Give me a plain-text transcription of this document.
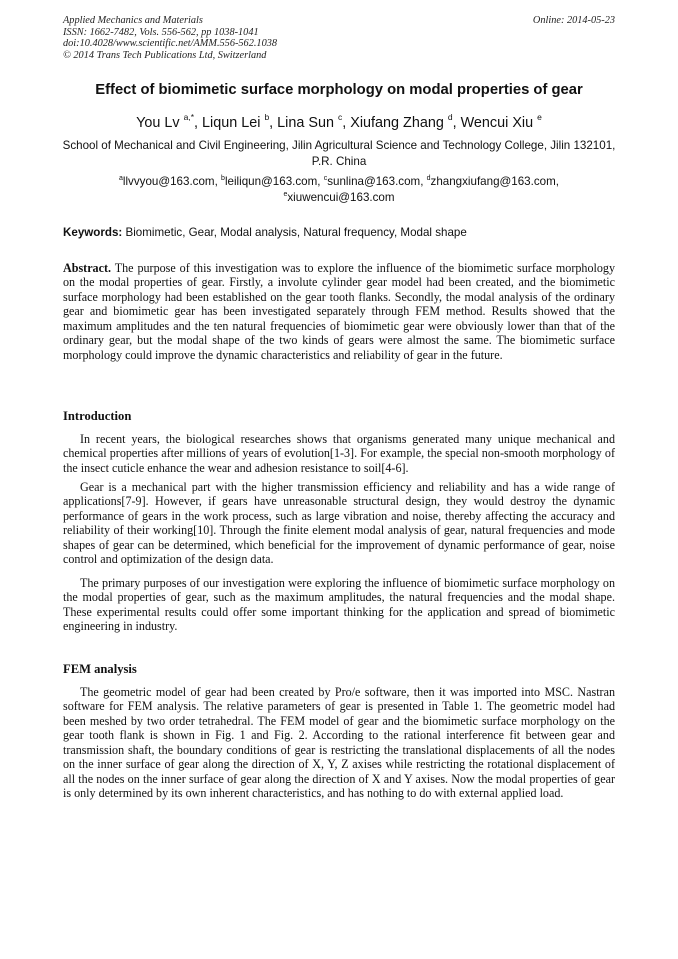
Applied Mechanics and Materials
ISSN: 1662-7482, Vols. 556-562, pp 1038-1041
doi:10.4028/www.scientific.net/AMM.556-562.1038
© 2014 Trans Tech Publications Ltd, Switzerland
Online: 2014-05-23
Effect of biomimetic surface morphology on modal properties of gear
You Lv $^{a,*}$, Liqun Lei $^b$, Lina Sun $^c$, Xiufang Zhang $^d$, Wencui Xiu $^e$
School of Mechanical and Civil Engineering, Jilin Agricultural Science and Technology College, Jilin 132101, P.R. China
$^a$llvvyou@163.com, $^b$leiliqun@163.com, $^c$sunlina@163.com, $^d$zhangxiufang@163.com,
$^e$xiuwencui@163.com
Keywords: Biomimetic, Gear, Modal analysis, Natural frequency, Modal shape

Abstract. The purpose of this investigation was to explore the influence of the biomimetic surface morphology on the modal properties of gear. Firstly, a involute cylinder gear model had been created, and the biomimetic surface morphology had been established on the gear tooth flanks. Secondly, the modal analysis of the ordinary gear and biomimetic gear has been investigated separately through FEM method. Results showed that the maximum amplitudes and the ten natural frequencies of biomimetic gear were obviously lower than that of the ordinary gear, but the modal shape of the two kinds of gears were almost the same. The biomimetic surface morphology could improve the dynamic characteristics and reliability of gear in the future.

Introduction

In recent years, the biological researches shows that organisms generated many unique mechanical and chemical properties after millions of years of evolution[1-3]. For example, the special non-smooth morphology of the insect cuticle enhance the wear and adhesion resistance to soil[4-6].

Gear is a mechanical part with the higher transmission efficiency and reliability and has a wide range of applications[7-9]. However, if gears have unreasonable structural design, they would destroy the dynamic performance of gears in the work process, such as large vibration and noise, thereby affecting the accuracy and reliability of their working[10]. Through the finite element modal analysis of gear, natural frequencies and mode shapes of gear can be determined, which beneficial for the improvement of dynamic performance of gear, noise control and optimization of the design data.

The primary purposes of our investigation were exploring the influence of biomimetic surface morphology on the modal properties of gear, such as the maximum amplitudes, the natural frequencies and the modal shape. These experimental results could offer some important thinking for the application and spread of biomimetic engineering in industry.

FEM analysis

The geometric model of gear had been created by Pro/e software, then it was imported into MSC. Nastran software for FEM analysis. The relative parameters of gear is presented in Table 1. The geometric model had been meshed by two order tetrahedral. The FEM model of gear and the biomimetic surface morphology on the gear tooth flank is shown in Fig. 1 and Fig. 2. According to the rational interference fit between gear and transmission shaft, the boundary conditions of gear is restricting the translational displacements of all the nodes on the inner surface of gear along the direction of X, Y, Z axises while restricting the rotational displacement of all the nodes on the inner surface of gear along the direction of X and Y axises. Now the modal properties of gear is only determined by its own inherent characteristics, and has nothing to do with external applied load.
